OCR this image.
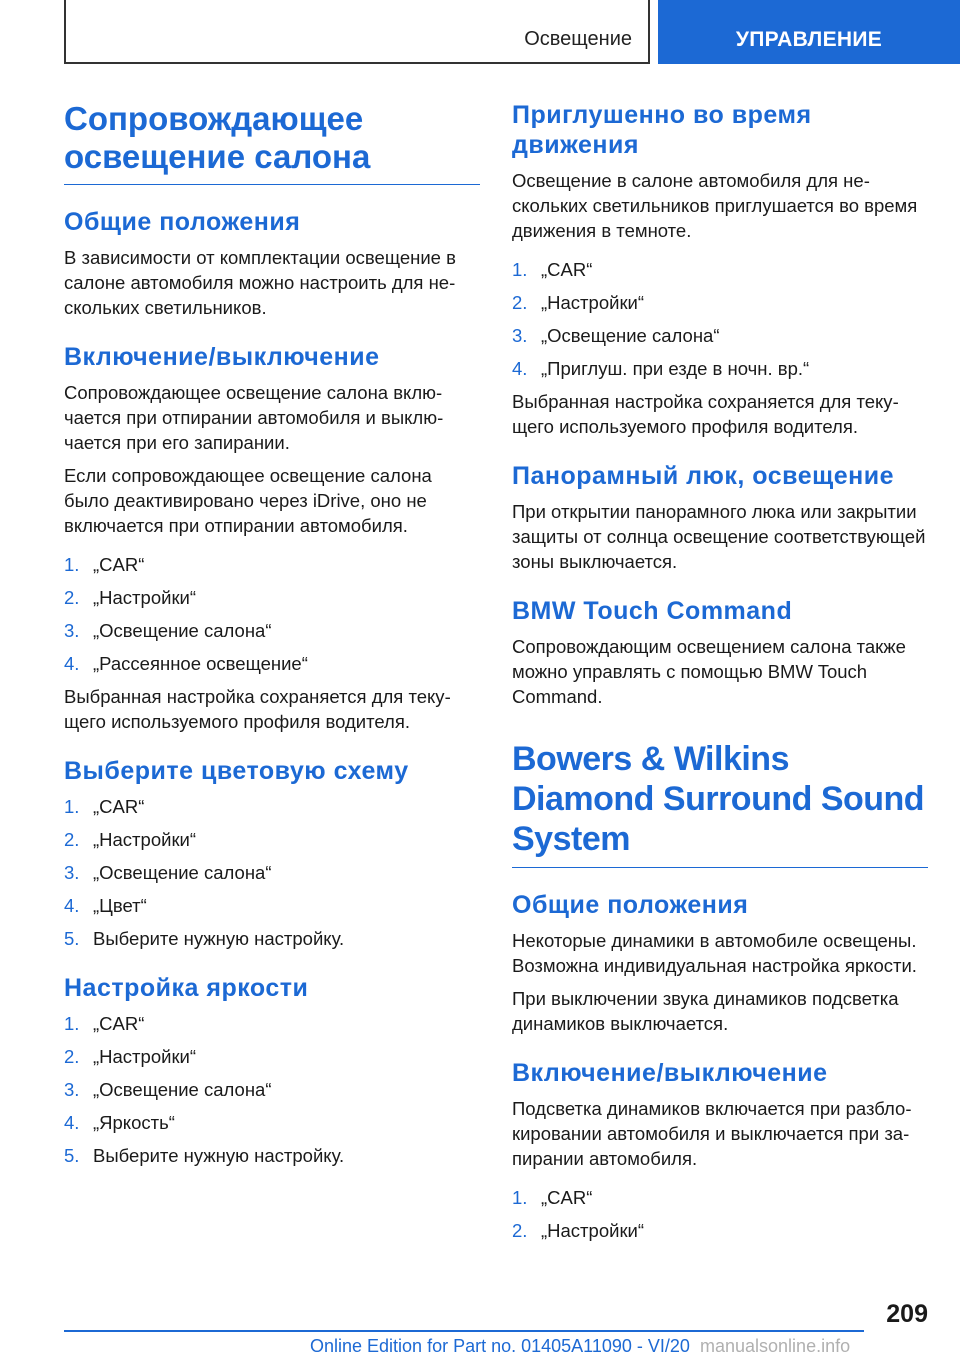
Освещение	УПРАВЛЕНИЕ
Сопровождающее освещение салона
Общие положения

В зависимости от комплектации освещение в салоне автомобиля можно настроить для нескольких светильников.

Включение/выключение

Сопровождающее освещение салона включается при отпирании автомобиля и выключается при его запирании.

Если сопровождающее освещение салона было деактивировано через iDrive, оно не включается при отпирании автомобиля.

1. „CAR“
2. „Настройки“
3. „Освещение салона“
4. „Рассеянное освещение“

Выбранная настройка сохраняется для текущего используемого профиля водителя.

Выберите цветовую схему
1. „CAR“
2. „Настройки“
3. „Освещение салона“
4. „Цвет“
5. Выберите нужную настройку.
Настройка яркости
1. „CAR“
2. „Настройки“
3. „Освещение салона“
4. „Яркость“
5. Выберите нужную настройку.
Приглушенно во время движения

Освещение в салоне автомобиля для нескольких светильников приглушается во время движения в темноте.

1. „CAR“
2. „Настройки“
3. „Освещение салона“
4. „Приглуш. при езде в ночн. вр.“

Выбранная настройка сохраняется для текущего используемого профиля водителя.

Панорамный люк, освещение

При открытии панорамного люка или закрытии защиты от солнца освещение соответствующей зоны выключается.

BMW Touch Command

Сопровождающим освещением салона также можно управлять с помощью BMW Touch Command.

Bowers & Wilkins Diamond Surround Sound System
Общие положения

Некоторые динамики в автомобиле освещены. Возможна индивидуальная настройка яркости.

При выключении звука динамиков подсветка динамиков выключается.

Включение/выключение

Подсветка динамиков включается при разблокировании автомобиля и выключается при запирании автомобиля.

1. „CAR“
2. „Настройки“
209
Online Edition for Part no. 01405A11090 - VI/20 manualsonline.info
